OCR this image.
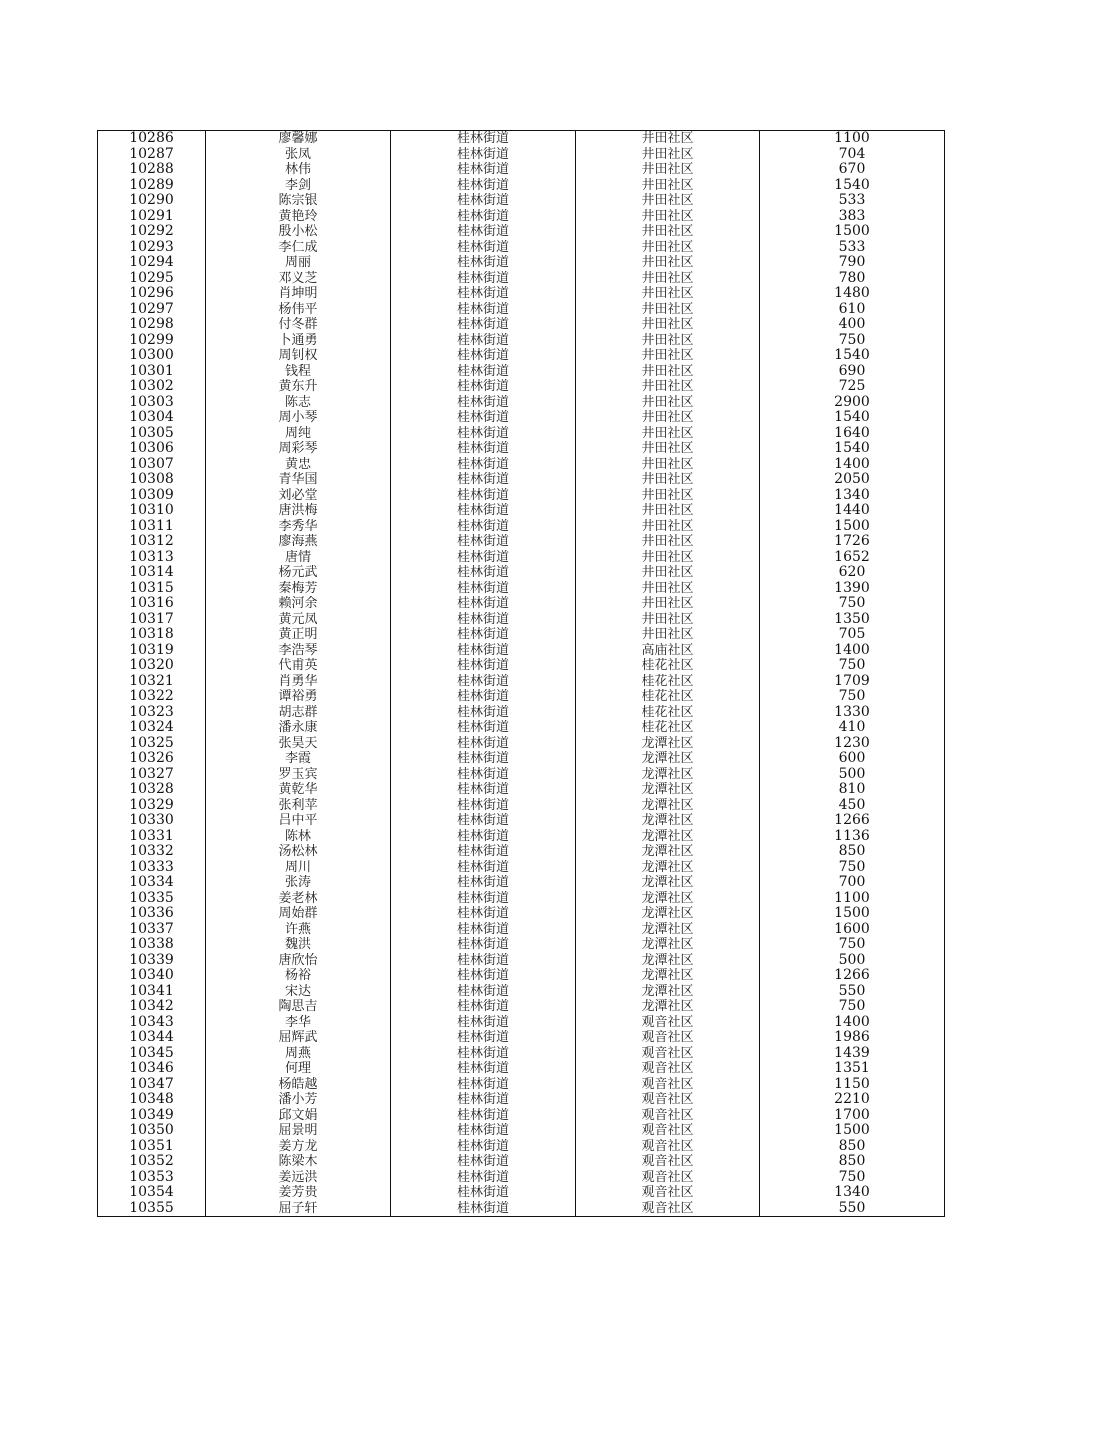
10286	廖馨娜	桂林街道	井田社区	1100
10287	张凤	桂林街道	井田社区	704
10288	林伟	桂林街道	井田社区	670
10289	李剑	桂林街道	井田社区	1540
10290	陈宗银	桂林街道	井田社区	533
10291	黄艳玲	桂林街道	井田社区	383
10292	殷小松	桂林街道	井田社区	1500
10293	李仁成	桂林街道	井田社区	533
10294	周丽	桂林街道	井田社区	790
10295	邓义芝	桂林街道	井田社区	780
10296	肖坤明	桂林街道	井田社区	1480
10297	杨伟平	桂林街道	井田社区	610
10298	付冬群	桂林街道	井田社区	400
10299	卜通勇	桂林街道	井田社区	750
10300	周钊权	桂林街道	井田社区	1540
10301	钱程	桂林街道	井田社区	690
10302	黄东升	桂林街道	井田社区	725
10303	陈志	桂林街道	井田社区	2900
10304	周小琴	桂林街道	井田社区	1540
10305	周纯	桂林街道	井田社区	1640
10306	周彩琴	桂林街道	井田社区	1540
10307	黄忠	桂林街道	井田社区	1400
10308	青华国	桂林街道	井田社区	2050
10309	刘必堂	桂林街道	井田社区	1340
10310	唐洪梅	桂林街道	井田社区	1440
10311	李秀华	桂林街道	井田社区	1500
10312	廖海燕	桂林街道	井田社区	1726
10313	唐情	桂林街道	井田社区	1652
10314	杨元武	桂林街道	井田社区	620
10315	秦梅芳	桂林街道	井田社区	1390
10316	赖河余	桂林街道	井田社区	750
10317	黄元凤	桂林街道	井田社区	1350
10318	黄正明	桂林街道	井田社区	705
10319	李浩琴	桂林街道	高庙社区	1400
10320	代甫英	桂林街道	桂花社区	750
10321	肖勇华	桂林街道	桂花社区	1709
10322	谭裕勇	桂林街道	桂花社区	750
10323	胡志群	桂林街道	桂花社区	1330
10324	潘永康	桂林街道	桂花社区	410
10325	张昊天	桂林街道	龙潭社区	1230
10326	李霞	桂林街道	龙潭社区	600
10327	罗玉宾	桂林街道	龙潭社区	500
10328	黄乾华	桂林街道	龙潭社区	810
10329	张利苹	桂林街道	龙潭社区	450
10330	吕中平	桂林街道	龙潭社区	1266
10331	陈林	桂林街道	龙潭社区	1136
10332	汤松林	桂林街道	龙潭社区	850
10333	周川	桂林街道	龙潭社区	750
10334	张涛	桂林街道	龙潭社区	700
10335	姜老林	桂林街道	龙潭社区	1100
10336	周始群	桂林街道	龙潭社区	1500
10337	许燕	桂林街道	龙潭社区	1600
10338	魏洪	桂林街道	龙潭社区	750
10339	唐欣怡	桂林街道	龙潭社区	500
10340	杨裕	桂林街道	龙潭社区	1266
10341	宋达	桂林街道	龙潭社区	550
10342	陶思吉	桂林街道	龙潭社区	750
10343	李华	桂林街道	观音社区	1400
10344	屈辉武	桂林街道	观音社区	1986
10345	周燕	桂林街道	观音社区	1439
10346	何理	桂林街道	观音社区	1351
10347	杨皓越	桂林街道	观音社区	1150
10348	潘小芳	桂林街道	观音社区	2210
10349	邱文娟	桂林街道	观音社区	1700
10350	屈景明	桂林街道	观音社区	1500
10351	姜方龙	桂林街道	观音社区	850
10352	陈梁木	桂林街道	观音社区	850
10353	姜远洪	桂林街道	观音社区	750
10354	姜芳贵	桂林街道	观音社区	1340
10355	屈子轩	桂林街道	观音社区	550
